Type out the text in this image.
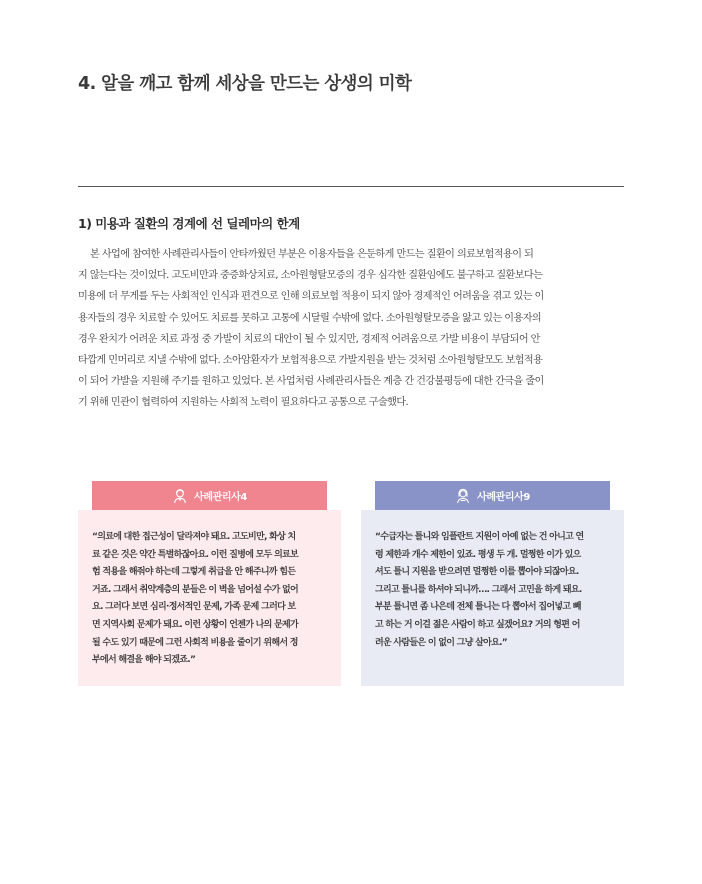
4. 알을 깨고 함께 세상을 만드는 상생의 미학
1) 미용과 질환의 경계에 선 딜레마의 한계
본 사업에 참여한 사례관리사들이 안타까웠던 부분은 이용자들을 은둔하게 만드는 질환이 의료보험적용이 되
지 않는다는 것이었다. 고도비만과 중증화상치료, 소아원형탈모증의 경우 심각한 질환임에도 불구하고 질환보다는
미용에 더 무게를 두는 사회적인 인식과 편견으로 인해 의료보험 적용이 되지 않아 경제적인 어려움을 겪고 있는 이
용자들의 경우 치료할 수 있어도 치료를 못하고 고통에 시달릴 수밖에 없다. 소아원형탈모증을 앓고 있는 이용자의
경우 완치가 어려운 치료 과정 중 가발이 치료의 대안이 될 수 있지만, 경제적 어려움으로 가발 비용이 부담되어 안
타깝게 민머리로 지낼 수밖에 없다. 소아암환자가 보험적용으로 가발지원을 받는 것처럼 소아원형탈모도 보험적용
이 되어 가발을 지원해 주기를 원하고 있었다. 본 사업처럼 사례관리사들은 계층 간 건강불평등에 대한 간극을 줄이
기 위해 민관이 협력하여 지원하는 사회적 노력이 필요하다고 공통으로 구술했다.
사례관리사4
“의료에 대한 접근성이 달라져야 돼요. 고도비만, 화상 치
료 같은 것은 약간 특별하잖아요. 이런 질병에 모두 의료보
험 적용을 해줘야 하는데 그렇게 취급을 안 해주니까 힘든
거죠. 그래서 취약계층의 분들은 이 벽을 넘어설 수가 없어
요. 그러다 보면 심리·정서적인 문제, 가족 문제 그러다 보
면 지역사회 문제가 돼요. 이런 상황이 언젠가 나의 문제가
될 수도 있기 때문에 그런 사회적 비용을 줄이기 위해서 정
부에서 해결을 해야 되겠죠.”
사례관리사9
“수급자는 틀니와 임플란트 지원이 아예 없는 건 아니고 연
령 제한과 개수 제한이 있죠. 평생 두 개. 멀쩡한 이가 있으
셔도 틀니 지원을 받으려면 멀쩡한 이를 뽑아야 되잖아요.
그리고 틀니를 하셔야 되니까…. 그래서 고민을 하게 돼요.
부분 틀니면 좀 나은데 전체 틀니는 다 뽑아서 집어넣고 빼
고 하는 거 이걸 젊은 사람이 하고 싶겠어요? 거의 형편 어
려운 사람들은 이 없이 그냥 살아요.”
